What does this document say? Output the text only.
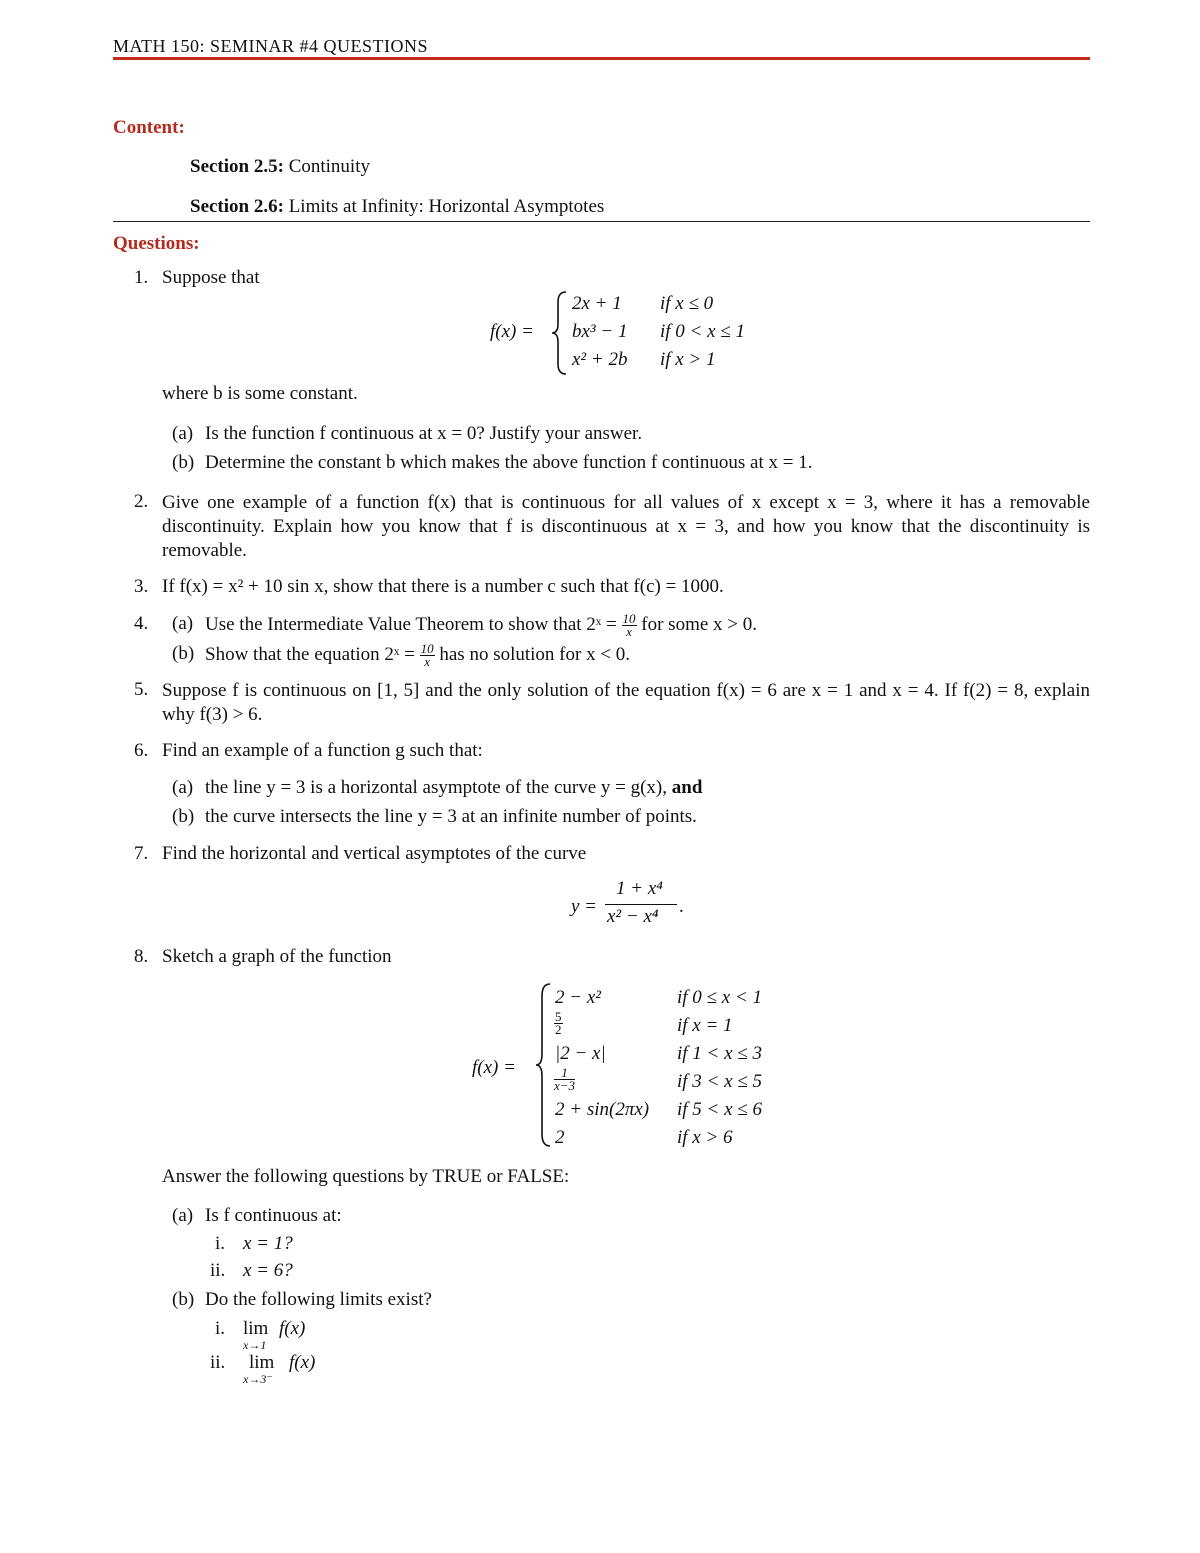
MATH 150: SEMINAR #4 QUESTIONS
Content:
Section 2.5: Continuity
Section 2.6: Limits at Infinity: Horizontal Asymptotes
Questions:
1. Suppose that
f(x) =
2x + 1 if x ≤ 0
bx³ − 1 if 0 < x ≤ 1
x² + 2b if x > 1
where b is some constant.
(a) Is the function f continuous at x = 0? Justify your answer.
(b) Determine the constant b which makes the above function f continuous at x = 1.
2. Give one example of a function f(x) that is continuous for all values of x except x = 3, where it has a removable discontinuity. Explain how you know that f is discontinuous at x = 3, and how you know that the discontinuity is removable.
3. If f(x) = x² + 10 sin x, show that there is a number c such that f(c) = 1000.
4. (a) Use the Intermediate Value Theorem to show that 2ˣ = $\frac{10}{x}$ for some x > 0.
(b) Show that the equation 2ˣ = $\frac{10}{x}$ has no solution for x < 0.
5. Suppose f is continuous on [1, 5] and the only solution of the equation f(x) = 6 are x = 1 and x = 4. If f(2) = 8, explain why f(3) > 6.
6. Find an example of a function g such that:
(a) the line y = 3 is a horizontal asymptote of the curve y = g(x), and
(b) the curve intersects the line y = 3 at an infinite number of points.
7. Find the horizontal and vertical asymptotes of the curve
y =
1 + x⁴
x² − x⁴ .
8. Sketch a graph of the function
f(x) =
2 − x²	if 0 ≤ x < 1
$\frac{5}{2}$	if x = 1
|2 − x|	if 1 < x ≤ 3
$\frac{1}{x-3}$	if 3 < x ≤ 5
2 + sin(2πx) if 5 < x ≤ 6
2	if x > 6
Answer the following questions by TRUE or FALSE:
(a) Is f continuous at:
i. x = 1?
ii. x = 6?
(b) Do the following limits exist?
i. lim
x→1
f(x)
ii. lim
x→3⁻
f(x)
